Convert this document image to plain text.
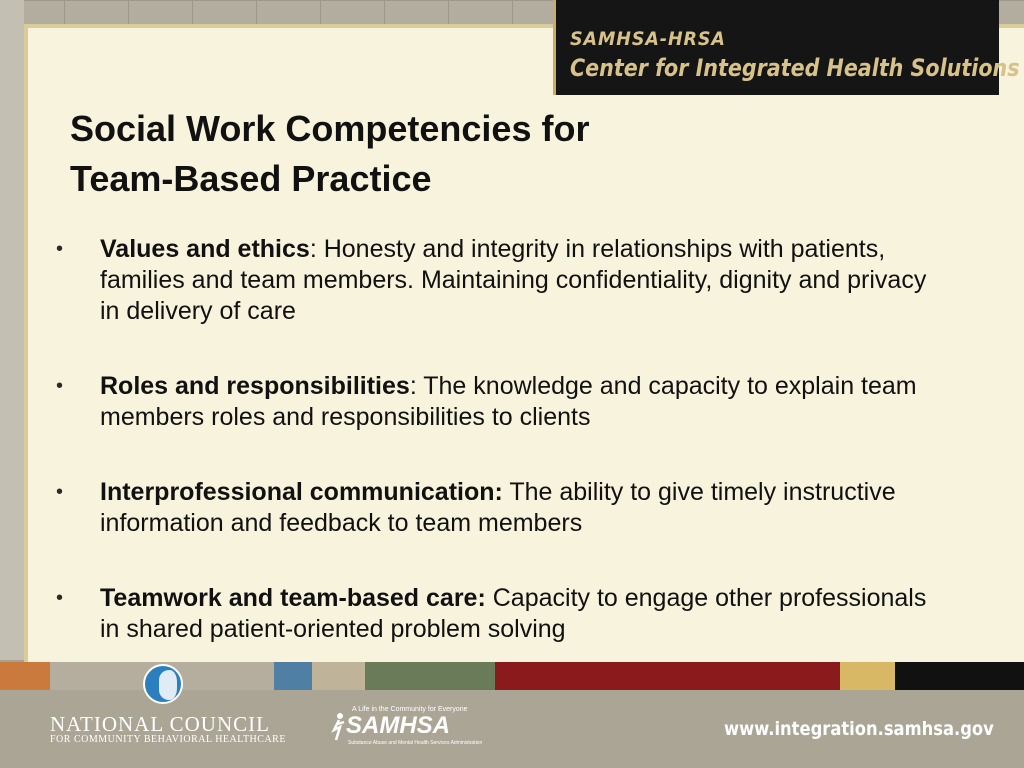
SAMHSA-HRSA
Center for Integrated Health Solutions
Social Work Competencies for
Team-Based Practice
•	Values and ethics: Honesty and integrity in relationships with patients, families and team members. Maintaining confidentiality, dignity and privacy in delivery of care
•	Roles and responsibilities: The knowledge and capacity to explain team members roles and responsibilities to clients
•	Interprofessional communication: The ability to give timely instructive information and feedback to team members
•	Teamwork and team-based care: Capacity to engage other professionals in shared patient-oriented problem solving
NATIONAL COUNCIL
FOR COMMUNITY BEHAVIORAL HEALTHCARE
A Life in the Community for Everyone
SAMHSA
Substance Abuse and Mental Health Services Administration
www.integration.samhsa.gov
